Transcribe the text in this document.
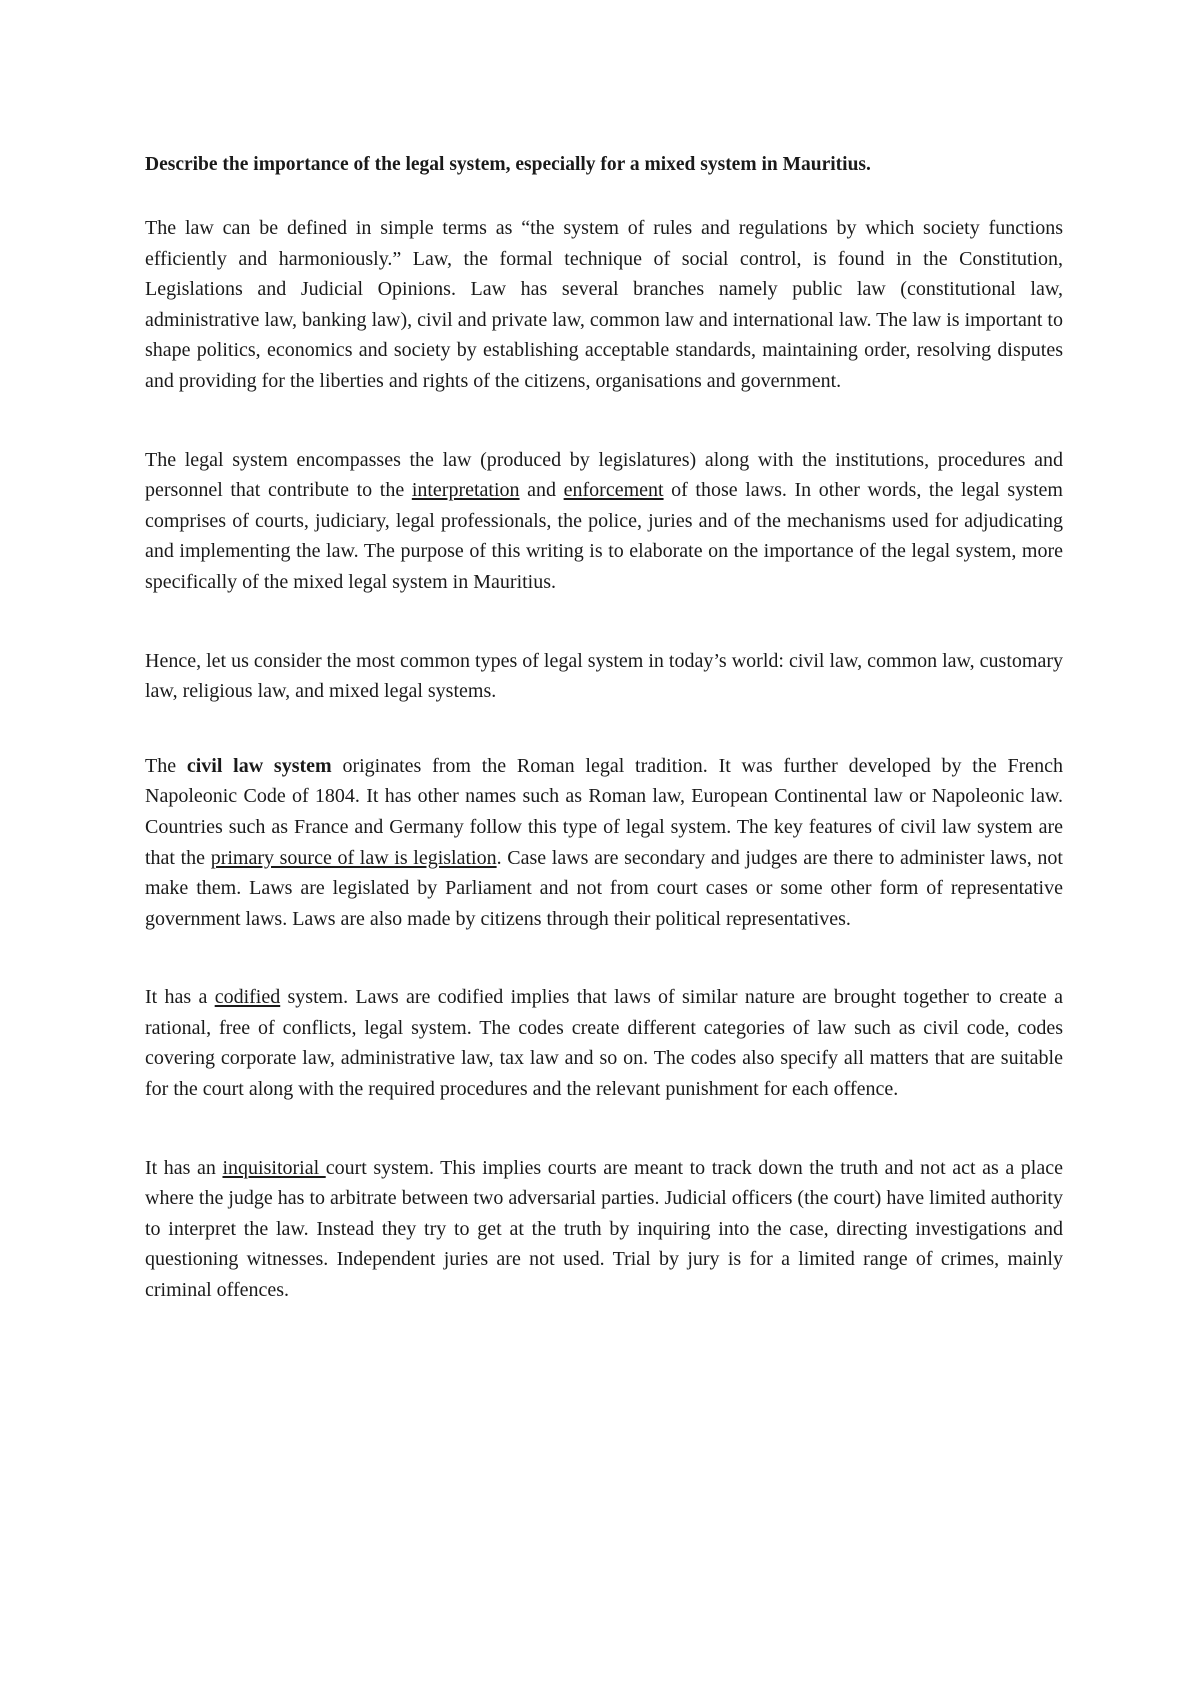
Describe the importance of the legal system, especially for a mixed system in Mauritius.

The law can be defined in simple terms as “the system of rules and regulations by which society functions efficiently and harmoniously.” Law, the formal technique of social control, is found in the Constitution, Legislations and Judicial Opinions. Law has several branches namely public law (constitutional law, administrative law, banking law), civil and private law, common law and international law. The law is important to shape politics, economics and society by establishing acceptable standards, maintaining order, resolving disputes and providing for the liberties and rights of the citizens, organisations and government.

The legal system encompasses the law (produced by legislatures) along with the institutions, procedures and personnel that contribute to the interpretation and enforcement of those laws. In other words, the legal system comprises of courts, judiciary, legal professionals, the police, juries and of the mechanisms used for adjudicating and implementing the law. The purpose of this writing is to elaborate on the importance of the legal system, more specifically of the mixed legal system in Mauritius.

Hence, let us consider the most common types of legal system in today’s world: civil law, common law, customary law, religious law, and mixed legal systems.

The civil law system originates from the Roman legal tradition. It was further developed by the French Napoleonic Code of 1804. It has other names such as Roman law, European Continental law or Napoleonic law. Countries such as France and Germany follow this type of legal system. The key features of civil law system are that the primary source of law is legislation. Case laws are secondary and judges are there to administer laws, not make them. Laws are legislated by Parliament and not from court cases or some other form of representative government laws. Laws are also made by citizens through their political representatives.

It has a codified system. Laws are codified implies that laws of similar nature are brought together to create a rational, free of conflicts, legal system. The codes create different categories of law such as civil code, codes covering corporate law, administrative law, tax law and so on. The codes also specify all matters that are suitable for the court along with the required procedures and the relevant punishment for each offence.

It has an inquisitorial court system. This implies courts are meant to track down the truth and not act as a place where the judge has to arbitrate between two adversarial parties. Judicial officers (the court) have limited authority to interpret the law. Instead they try to get at the truth by inquiring into the case, directing investigations and questioning witnesses. Independent juries are not used. Trial by jury is for a limited range of crimes, mainly criminal offences.
